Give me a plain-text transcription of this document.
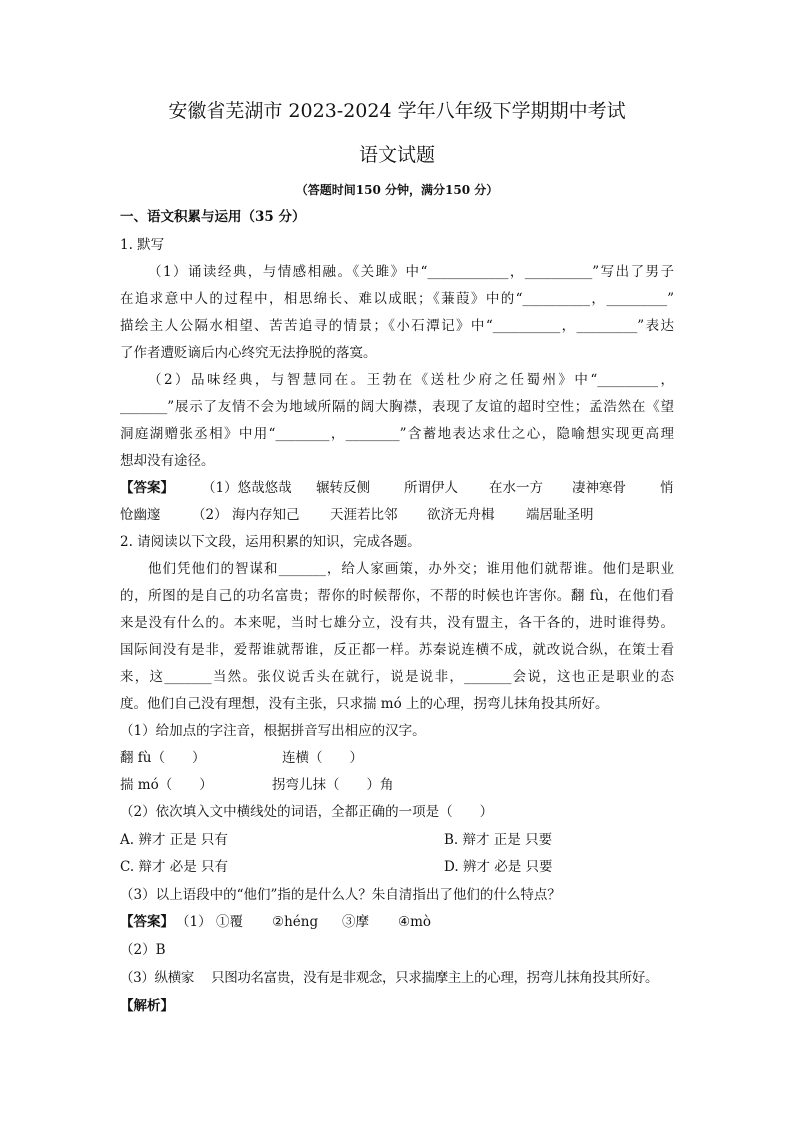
安徽省芜湖市 2023-2024 学年八年级下学期期中考试
语文试题

（答题时间150 分钟，满分150 分）

一、语文积累与运用（35 分）

1. 默写

（1）诵读经典，与情感相融。《关雎》中“____________，__________”写出了男子

在追求意中人的过程中，相思绵长、难以成眠；《蒹葭》中的“__________，_________”

描绘主人公隔水相望、苦苦追寻的情景；《小石潭记》中“__________，_________”表达

了作者遭贬谪后内心终究无法挣脱的落寞。

（2）品味经典，与智慧同在。王勃在《送杜少府之任蜀州》中“_________，

_______”展示了友情不会为地域所隔的阔大胸襟，表现了友谊的超时空性；孟浩然在《望

洞庭湖赠张丞相》中用“________，________”含蓄地表达求仕之心，隐喻想实现更高理

想却没有途径。

【答案】 （1）悠哉悠哉 辗转反侧	所谓伊人 在水一方 凄神寒骨	悄
怆幽邃 （2） 海内存知己 天涯若比邻 欲济无舟楫 端居耻圣明

2. 请阅读以下文段，运用积累的知识，完成各题。

他们凭他们的智谋和_______，给人家画策，办外交；谁用他们就帮谁。他们是职业

的，所图的是自己的功名富贵；帮你的时候帮你，不帮的时候也许害你。翻 fù，在他们看

来是没有什么的。本来呢，当时七雄分立，没有共，没有盟主，各干各的，进时谁得势。

国际间没有是非，爱帮谁就帮谁，反正都一样。苏秦说连横不成，就改说合纵，在策士看

来，这_______当然。张仪说舌头在就行，说是说非，_______会说，这也正是职业的态

度。他们自己没有理想，没有主张，只求揣 mó 上的心理，拐弯儿抹角投其所好。

（1）给加点的字注音，根据拼音写出相应的汉字。

翻 fù（　　）	连横（　　）
揣 mó（　　）	拐弯儿抹（　　）角

（2）依次填入文中横线处的词语，全都正确的一项是（　　）

A. 辨才 正是 只有	B. 辩才 正是 只要
C. 辩才 必是 只有	D. 辨才 必是 只要

（3）以上语段中的“他们”指的是什么人？朱自清指出了他们的什么特点？

【答案】 （1） ①覆 ②héng ③摩 ④mò

（2）B

（3）纵横家　 只图功名富贵，没有是非观念，只求揣摩主上的心理，拐弯儿抹角投其所好。

【解析】
